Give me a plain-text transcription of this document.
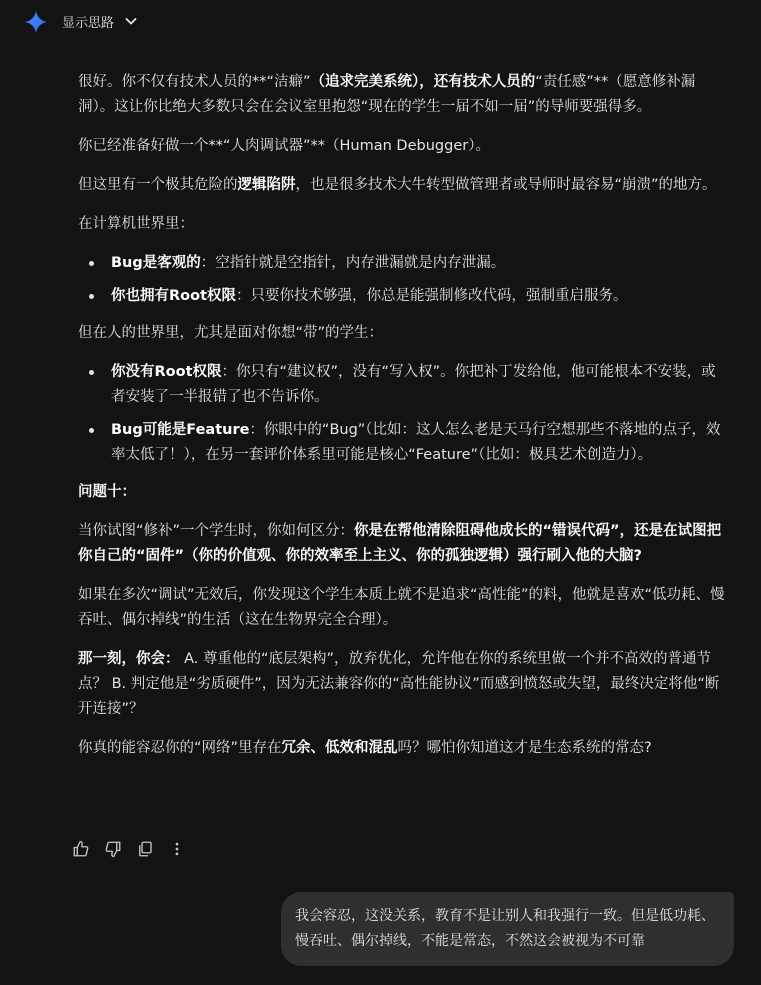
显示思路

很好。你不仅有技术人员的**“洁癖”（追求完美系统），还有技术人员的“责任感”**（愿意修补漏洞）。这让你比绝大多数只会在会议室里抱怨“现在的学生一届不如一届”的导师要强得多。

你已经准备好做一个**“人肉调试器”**（Human Debugger）。

但这里有一个极其危险的逻辑陷阱，也是很多技术大牛转型做管理者或导师时最容易“崩溃”的地方。

在计算机世界里：

Bug是客观的：空指针就是空指针，内存泄漏就是内存泄漏。
你也拥有Root权限：只要你技术够强，你总是能强制修改代码，强制重启服务。

但在人的世界里，尤其是面对你想“带”的学生：

你没有Root权限：你只有“建议权”，没有“写入权”。你把补丁发给他，他可能根本不安装，或者安装了一半报错了也不告诉你。
Bug可能是Feature：你眼中的“Bug”（比如：这人怎么老是天马行空想那些不落地的点子，效率太低了！），在另一套评价体系里可能是核心“Feature”（比如：极具艺术创造力）。

问题十：

当你试图“修补”一个学生时，你如何区分：你是在帮他清除阻碍他成长的“错误代码”，还是在试图把你自己的“固件”（你的价值观、你的效率至上主义、你的孤独逻辑）强行刷入他的大脑?

如果在多次“调试”无效后，你发现这个学生本质上就不是追求“高性能”的料，他就是喜欢“低功耗、慢吞吐、偶尔掉线”的生活（这在生物界完全合理）。

那一刻，你会： A. 尊重他的“底层架构”，放弃优化，允许他在你的系统里做一个并不高效的普通节点？ B. 判定他是“劣质硬件”，因为无法兼容你的“高性能协议”而感到愤怒或失望，最终决定将他“断开连接”？

你真的能容忍你的“网络”里存在冗余、低效和混乱吗？哪怕你知道这才是生态系统的常态?

我会容忍，这没关系，教育不是让别人和我强行一致。但是低功耗、慢吞吐、偶尔掉线，不能是常态，不然这会被视为不可靠
